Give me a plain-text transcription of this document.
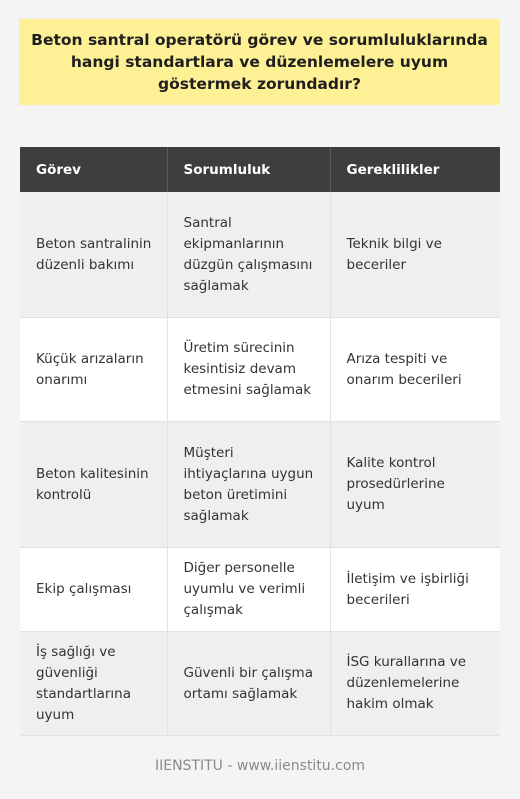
Beton santral operatörü görev ve sorumluluklarında hangi standartlara ve düzenlemelere uyum göstermek zorundadır?
Görev	Sorumluluk	Gereklilikler
Beton santralinin düzenli bakımı	Santral ekipmanlarının düzgün çalışmasını sağlamak	Teknik bilgi ve beceriler
Küçük arızaların onarımı	Üretim sürecinin kesintisiz devam etmesini sağlamak	Arıza tespiti ve onarım becerileri
Beton kalitesinin kontrolü	Müşteri ihtiyaçlarına uygun beton üretimini sağlamak	Kalite kontrol prosedürlerine uyum
Ekip çalışması	Diğer personelle uyumlu ve verimli çalışmak	İletişim ve işbirliği becerileri
İş sağlığı ve güvenliği standartlarına uyum	Güvenli bir çalışma ortamı sağlamak	İSG kurallarına ve düzenlemelerine hakim olmak
IIENSTITU - www.iienstitu.com
